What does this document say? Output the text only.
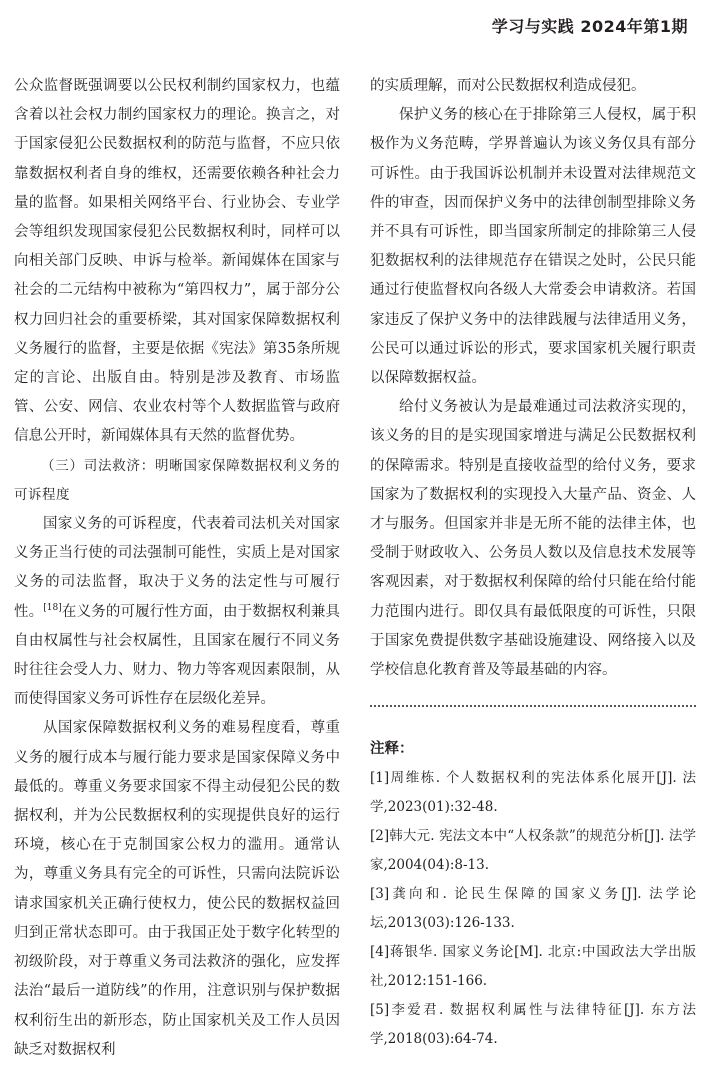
学习与实践 2024年第1期

公众监督既强调要以公民权利制约国家权力，也蕴含着以社会权力制约国家权力的理论。换言之，对于国家侵犯公民数据权利的防范与监督，不应只依靠数据权利者自身的维权，还需要依赖各种社会力量的监督。如果相关网络平台、行业协会、专业学会等组织发现国家侵犯公民数据权利时，同样可以向相关部门反映、申诉与检举。新闻媒体在国家与社会的二元结构中被称为“第四权力”，属于部分公权力回归社会的重要桥梁，其对国家保障数据权利义务履行的监督，主要是依据《宪法》第35条所规定的言论、出版自由。特别是涉及教育、市场监管、公安、网信、农业农村等个人数据监管与政府信息公开时，新闻媒体具有天然的监督优势。

（三）司法救济：明晰国家保障数据权利义务的可诉程度

国家义务的可诉程度，代表着司法机关对国家义务正当行使的司法强制可能性，实质上是对国家义务的司法监督，取决于义务的法定性与可履行性。[18]在义务的可履行性方面，由于数据权利兼具自由权属性与社会权属性，且国家在履行不同义务时往往会受人力、财力、物力等客观因素限制，从而使得国家义务可诉性存在层级化差异。

从国家保障数据权利义务的难易程度看，尊重义务的履行成本与履行能力要求是国家保障义务中最低的。尊重义务要求国家不得主动侵犯公民的数据权利，并为公民数据权利的实现提供良好的运行环境，核心在于克制国家公权力的滥用。通常认为，尊重义务具有完全的可诉性，只需向法院诉讼请求国家机关正确行使权力，使公民的数据权益回归到正常状态即可。由于我国正处于数字化转型的初级阶段，对于尊重义务司法救济的强化，应发挥法治“最后一道防线”的作用，注意识别与保护数据权利衍生出的新形态，防止国家机关及工作人员因缺乏对数据权利

的实质理解，而对公民数据权利造成侵犯。

保护义务的核心在于排除第三人侵权，属于积极作为义务范畴，学界普遍认为该义务仅具有部分可诉性。由于我国诉讼机制并未设置对法律规范文件的审查，因而保护义务中的法律创制型排除义务并不具有可诉性，即当国家所制定的排除第三人侵犯数据权利的法律规范存在错误之处时，公民只能通过行使监督权向各级人大常委会申请救济。若国家违反了保护义务中的法律践履与法律适用义务，公民可以通过诉讼的形式，要求国家机关履行职责以保障数据权益。

给付义务被认为是最难通过司法救济实现的，该义务的目的是实现国家增进与满足公民数据权利的保障需求。特别是直接收益型的给付义务，要求国家为了数据权利的实现投入大量产品、资金、人才与服务。但国家并非是无所不能的法律主体，也受制于财政收入、公务员人数以及信息技术发展等客观因素，对于数据权利保障的给付只能在给付能力范围内进行。即仅具有最低限度的可诉性，只限于国家免费提供数字基础设施建设、网络接入以及学校信息化教育普及等最基础的内容。

注释：
[1]周维栋. 个人数据权利的宪法体系化展开[J]. 法学,2023(01):32-48.
[2]韩大元. 宪法文本中“人权条款”的规范分析[J]. 法学家,2004(04):8-13.
[3]龚向和. 论民生保障的国家义务[J]. 法学论坛,2013(03):126-133.
[4]蒋银华. 国家义务论[M]. 北京:中国政法大学出版社,2012:151-166.
[5]李爱君. 数据权利属性与法律特征[J]. 东方法学,2018(03):64-74.
